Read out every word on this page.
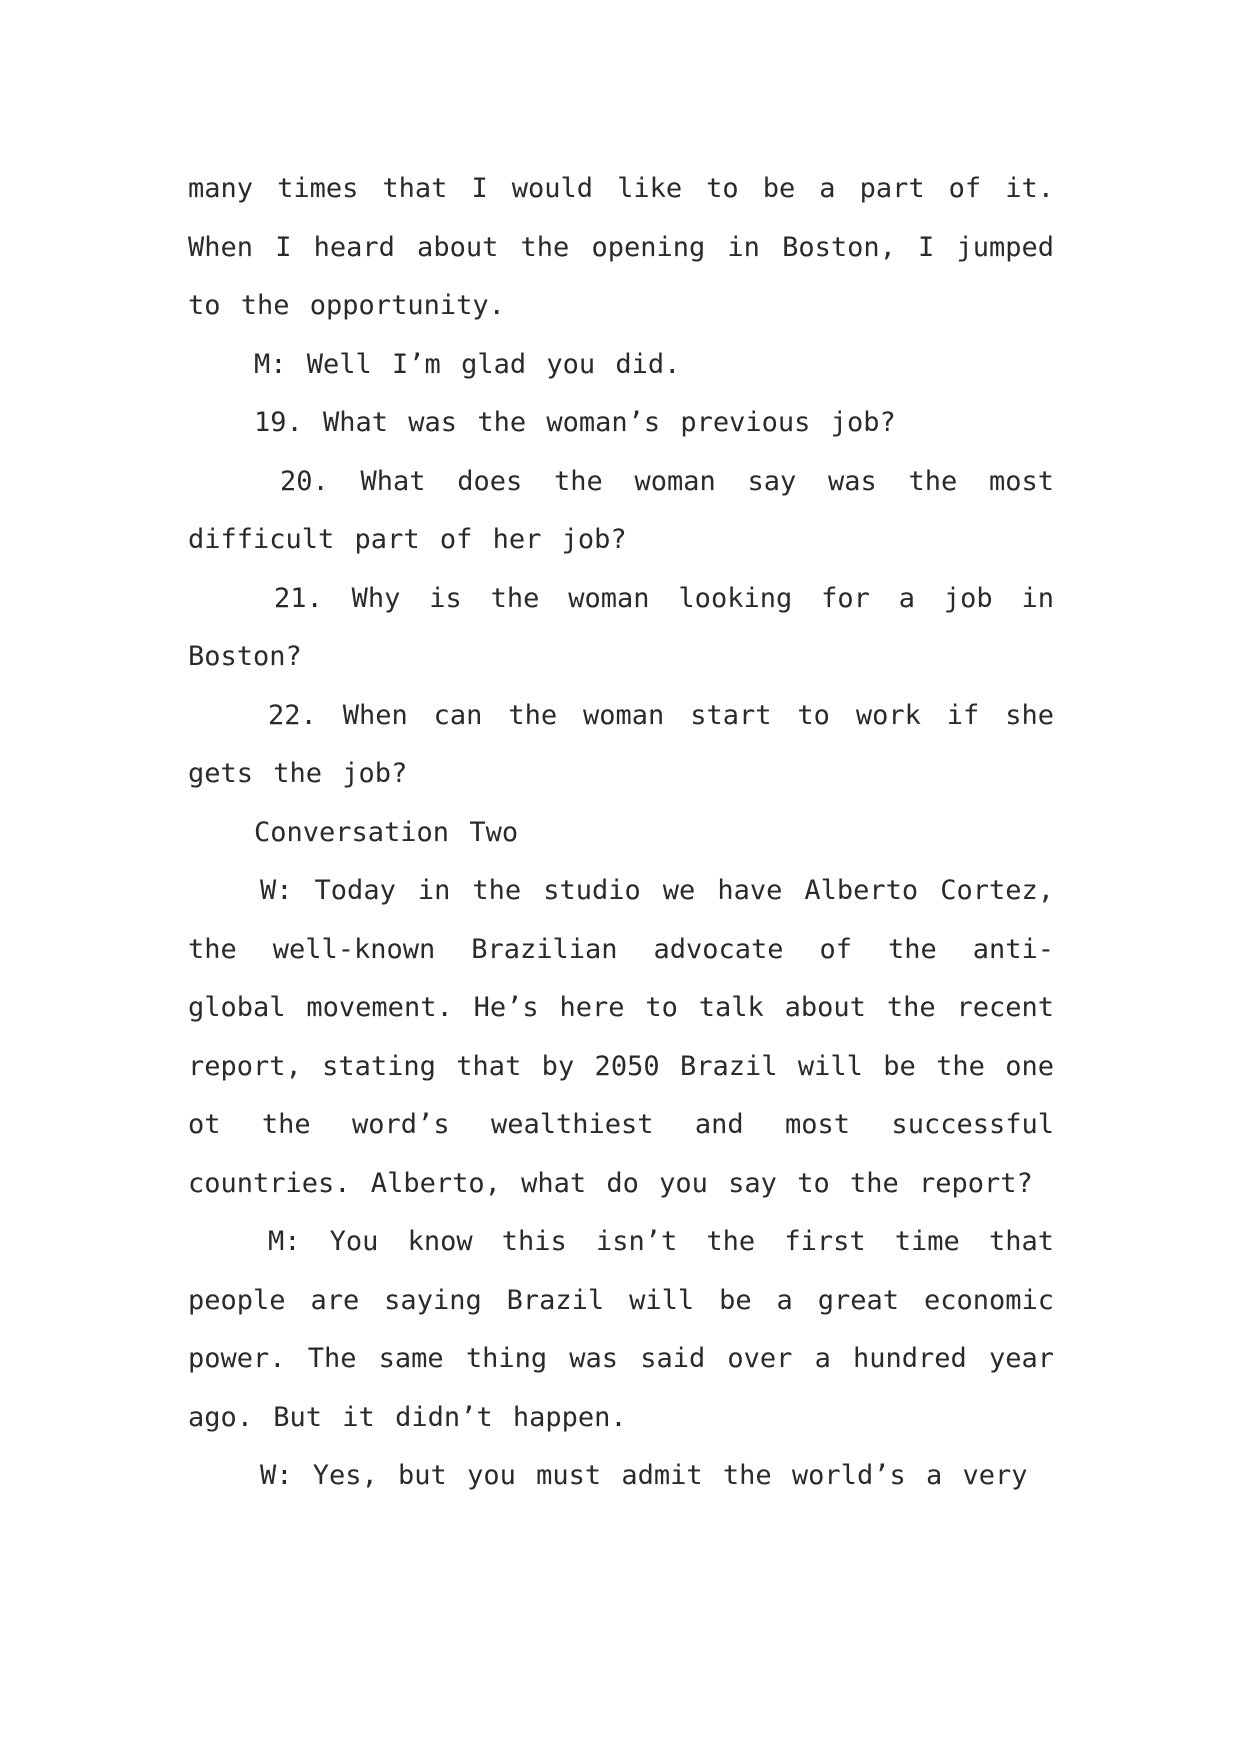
many times that I would like to be a part of it. When I heard about the opening in Boston, I jumped to the opportunity.

M: Well I’m glad you did.

19. What was the woman’s previous job?

20. What does the woman say was the most difficult part of her job?

21. Why is the woman looking for a job in Boston?

22. When can the woman start to work if she gets the job?

Conversation Two

W: Today in the studio we have Alberto Cortez, the well-known Brazilian advocate of the anti-global movement. He’s here to talk about the recent report, stating that by 2050 Brazil will be the one ot the word’s wealthiest and most successful countries. Alberto, what do you say to the report?

M: You know this isn’t the first time that people are saying Brazil will be a great economic power. The same thing was said over a hundred year ago. But it didn’t happen.

W: Yes, but you must admit the world’s a very
